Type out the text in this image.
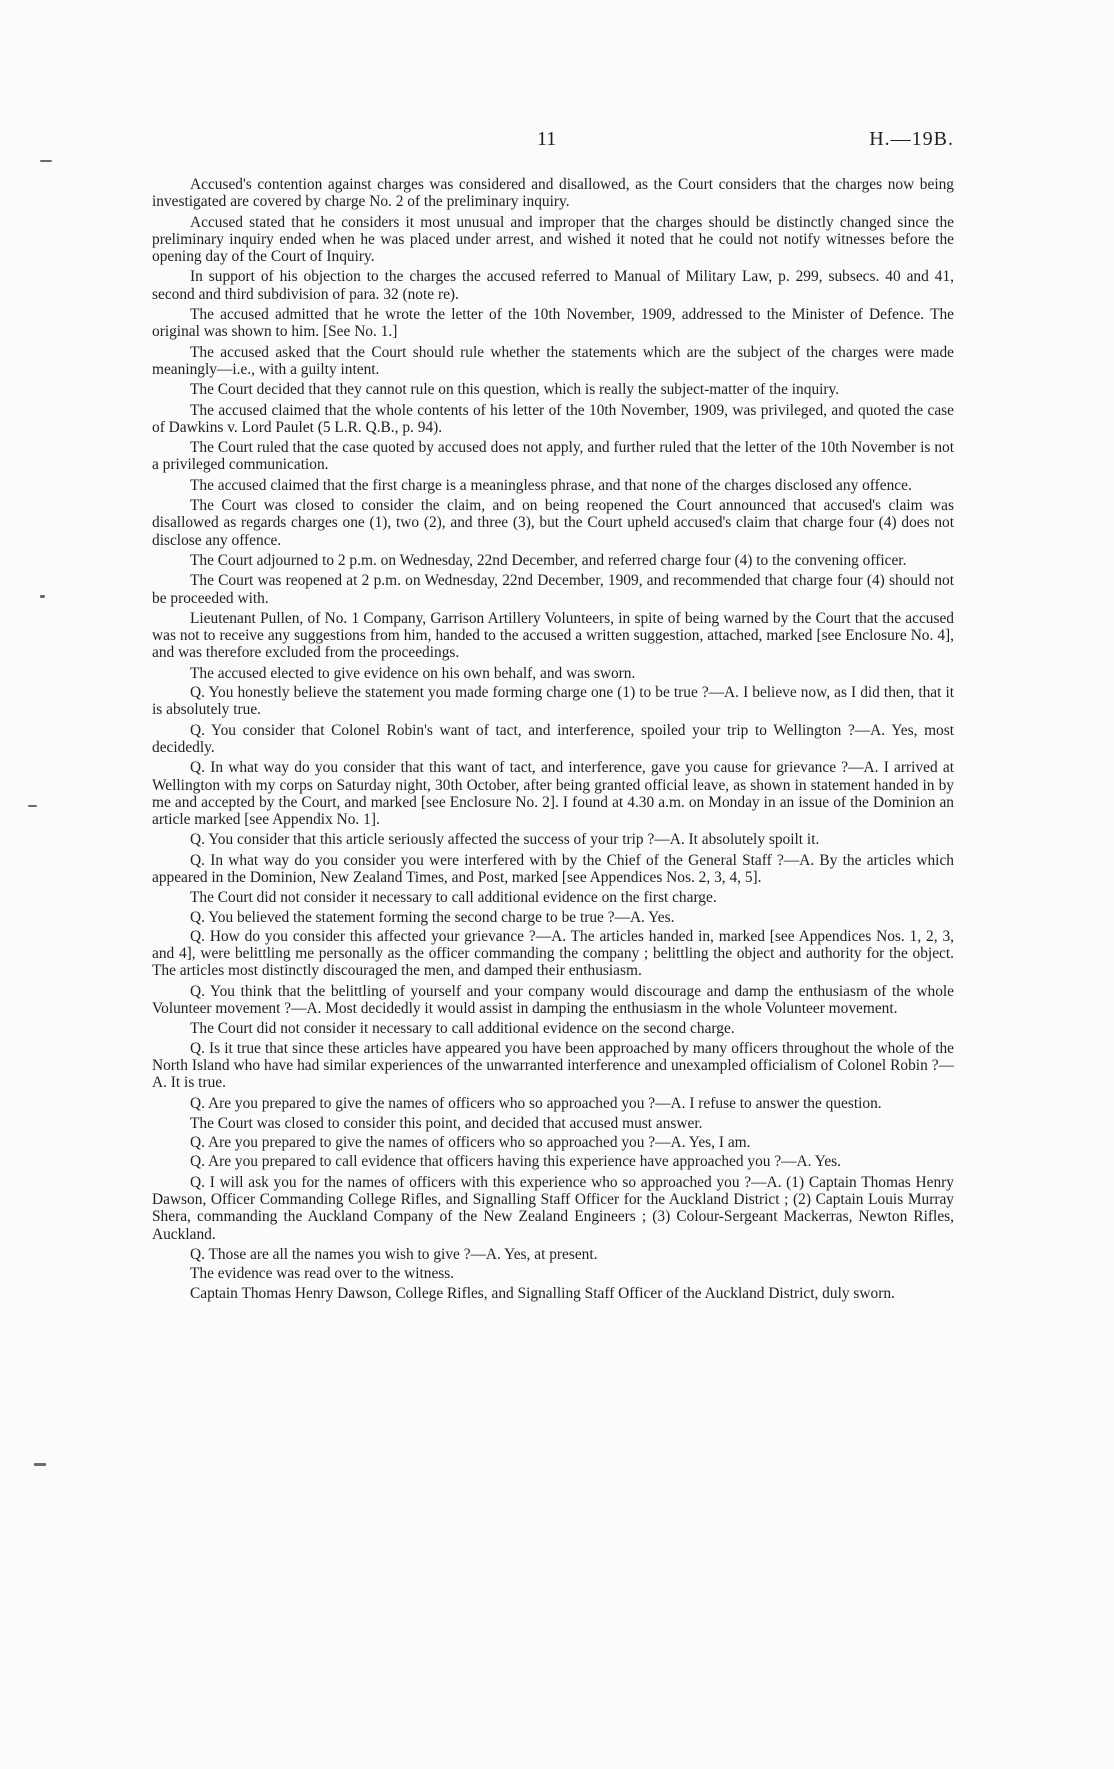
11	H.—19B.

Accused's contention against charges was considered and disallowed, as the Court considers that the charges now being investigated are covered by charge No. 2 of the preliminary inquiry.

Accused stated that he considers it most unusual and improper that the charges should be distinctly changed since the preliminary inquiry ended when he was placed under arrest, and wished it noted that he could not notify witnesses before the opening day of the Court of Inquiry.

In support of his objection to the charges the accused referred to Manual of Military Law, p. 299, subsecs. 40 and 41, second and third subdivision of para. 32 (note re).

The accused admitted that he wrote the letter of the 10th November, 1909, addressed to the Minister of Defence. The original was shown to him. [See No. 1.]

The accused asked that the Court should rule whether the statements which are the subject of the charges were made meaningly—i.e., with a guilty intent.

The Court decided that they cannot rule on this question, which is really the subject-matter of the inquiry.

The accused claimed that the whole contents of his letter of the 10th November, 1909, was privileged, and quoted the case of Dawkins v. Lord Paulet (5 L.R. Q.B., p. 94).

The Court ruled that the case quoted by accused does not apply, and further ruled that the letter of the 10th November is not a privileged communication.

The accused claimed that the first charge is a meaningless phrase, and that none of the charges disclosed any offence.

The Court was closed to consider the claim, and on being reopened the Court announced that accused's claim was disallowed as regards charges one (1), two (2), and three (3), but the Court upheld accused's claim that charge four (4) does not disclose any offence.

The Court adjourned to 2 p.m. on Wednesday, 22nd December, and referred charge four (4) to the convening officer.

The Court was reopened at 2 p.m. on Wednesday, 22nd December, 1909, and recommended that charge four (4) should not be proceeded with.

Lieutenant Pullen, of No. 1 Company, Garrison Artillery Volunteers, in spite of being warned by the Court that the accused was not to receive any suggestions from him, handed to the accused a written suggestion, attached, marked [see Enclosure No. 4], and was therefore excluded from the proceedings.

The accused elected to give evidence on his own behalf, and was sworn.

Q. You honestly believe the statement you made forming charge one (1) to be true ?—A. I believe now, as I did then, that it is absolutely true.

Q. You consider that Colonel Robin's want of tact, and interference, spoiled your trip to Wellington ?—A. Yes, most decidedly.

Q. In what way do you consider that this want of tact, and interference, gave you cause for grievance ?—A. I arrived at Wellington with my corps on Saturday night, 30th October, after being granted official leave, as shown in statement handed in by me and accepted by the Court, and marked [see Enclosure No. 2]. I found at 4.30 a.m. on Monday in an issue of the Dominion an article marked [see Appendix No. 1].

Q. You consider that this article seriously affected the success of your trip ?—A. It absolutely spoilt it.

Q. In what way do you consider you were interfered with by the Chief of the General Staff ?—A. By the articles which appeared in the Dominion, New Zealand Times, and Post, marked [see Appendices Nos. 2, 3, 4, 5].

The Court did not consider it necessary to call additional evidence on the first charge.

Q. You believed the statement forming the second charge to be true ?—A. Yes.

Q. How do you consider this affected your grievance ?—A. The articles handed in, marked [see Appendices Nos. 1, 2, 3, and 4], were belittling me personally as the officer commanding the company ; belittling the object and authority for the object. The articles most distinctly discouraged the men, and damped their enthusiasm.

Q. You think that the belittling of yourself and your company would discourage and damp the enthusiasm of the whole Volunteer movement ?—A. Most decidedly it would assist in damping the enthusiasm in the whole Volunteer movement.

The Court did not consider it necessary to call additional evidence on the second charge.

Q. Is it true that since these articles have appeared you have been approached by many officers throughout the whole of the North Island who have had similar experiences of the unwarranted interference and unexampled officialism of Colonel Robin ?—A. It is true.

Q. Are you prepared to give the names of officers who so approached you ?—A. I refuse to answer the question.

The Court was closed to consider this point, and decided that accused must answer.

Q. Are you prepared to give the names of officers who so approached you ?—A. Yes, I am.

Q. Are you prepared to call evidence that officers having this experience have approached you ?—A. Yes.

Q. I will ask you for the names of officers with this experience who so approached you ?—A. (1) Captain Thomas Henry Dawson, Officer Commanding College Rifles, and Signalling Staff Officer for the Auckland District ; (2) Captain Louis Murray Shera, commanding the Auckland Company of the New Zealand Engineers ; (3) Colour-Sergeant Mackerras, Newton Rifles, Auckland.

Q. Those are all the names you wish to give ?—A. Yes, at present.

The evidence was read over to the witness.

Captain Thomas Henry Dawson, College Rifles, and Signalling Staff Officer of the Auckland District, duly sworn.
